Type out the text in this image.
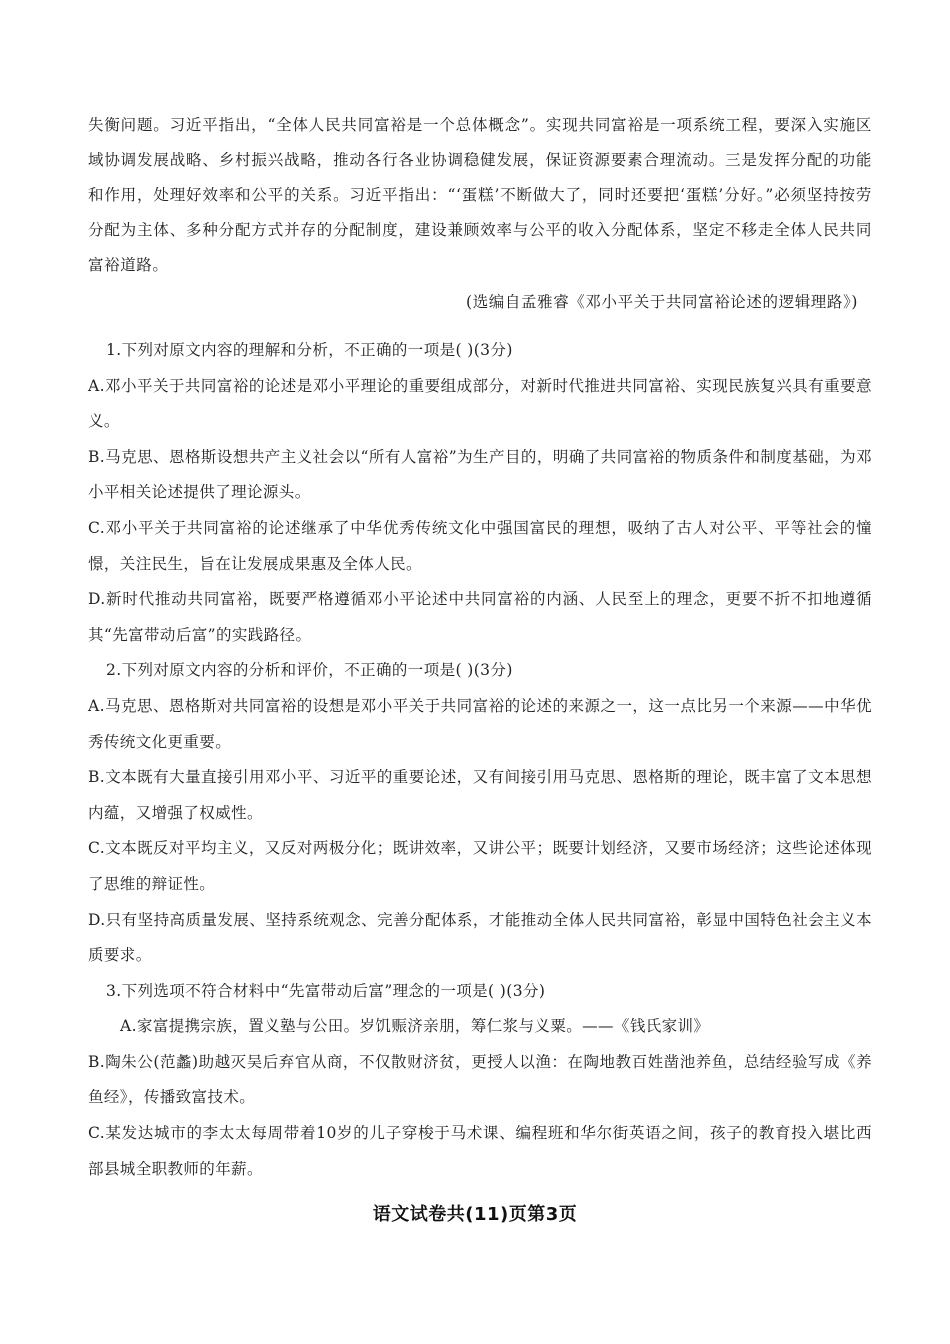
失衡问题。习近平指出，“全体人民共同富裕是一个总体概念”。实现共同富裕是一项系统工程，要深入实施区域协调发展战略、乡村振兴战略，推动各行各业协调稳健发展，保证资源要素合理流动。三是发挥分配的功能和作用，处理好效率和公平的关系。习近平指出：“‘蛋糕’不断做大了，同时还要把‘蛋糕’分好。”必须坚持按劳分配为主体、多种分配方式并存的分配制度，建设兼顾效率与公平的收入分配体系，坚定不移走全体人民共同富裕道路。

(选编自孟雅睿《邓小平关于共同富裕论述的逻辑理路》)

1.下列对原文内容的理解和分析，不正确的一项是( )(3分)

A.邓小平关于共同富裕的论述是邓小平理论的重要组成部分，对新时代推进共同富裕、实现民族复兴具有重要意义。

B.马克思、恩格斯设想共产主义社会以“所有人富裕”为生产目的，明确了共同富裕的物质条件和制度基础，为邓小平相关论述提供了理论源头。

C.邓小平关于共同富裕的论述继承了中华优秀传统文化中强国富民的理想，吸纳了古人对公平、平等社会的憧憬，关注民生，旨在让发展成果惠及全体人民。

D.新时代推动共同富裕，既要严格遵循邓小平论述中共同富裕的内涵、人民至上的理念，更要不折不扣地遵循其“先富带动后富”的实践路径。

2.下列对原文内容的分析和评价，不正确的一项是( )(3分)

A.马克思、恩格斯对共同富裕的设想是邓小平关于共同富裕的论述的来源之一，这一点比另一个来源——中华优秀传统文化更重要。

B.文本既有大量直接引用邓小平、习近平的重要论述，又有间接引用马克思、恩格斯的理论，既丰富了文本思想内蕴，又增强了权威性。

C.文本既反对平均主义，又反对两极分化；既讲效率，又讲公平；既要计划经济，又要市场经济；这些论述体现了思维的辩证性。

D.只有坚持高质量发展、坚持系统观念、完善分配体系，才能推动全体人民共同富裕，彰显中国特色社会主义本质要求。

3.下列选项不符合材料中“先富带动后富”理念的一项是( )(3分)

A.家富提携宗族，置义塾与公田。岁饥赈济亲朋，筹仁浆与义粟。——《钱氏家训》

B.陶朱公(范蠡)助越灭吴后弃官从商，不仅散财济贫，更授人以渔：在陶地教百姓凿池养鱼，总结经验写成《养鱼经》，传播致富技术。

C.某发达城市的李太太每周带着10岁的儿子穿梭于马术课、编程班和华尔街英语之间，孩子的教育投入堪比西部县城全职教师的年薪。

语文试卷共(11)页第3页
